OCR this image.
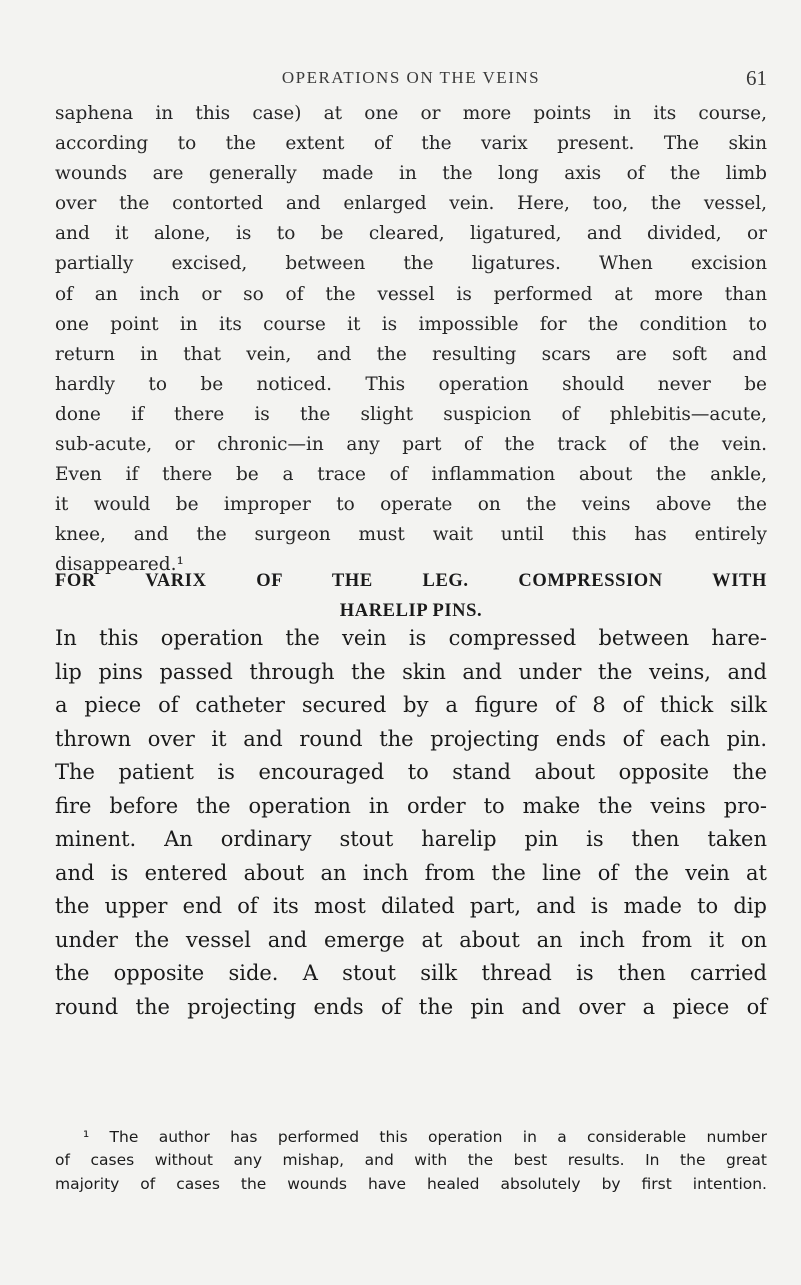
OPERATIONS ON THE VEINS	61

saphena in this case) at one or more points in its course,
according to the extent of the varix present. The skin
wounds are generally made in the long axis of the limb
over the contorted and enlarged vein. Here, too, the vessel,
and it alone, is to be cleared, ligatured, and divided, or
partially excised, between the ligatures. When excision
of an inch or so of the vessel is performed at more than
one point in its course it is impossible for the condition to
return in that vein, and the resulting scars are soft and
hardly to be noticed. This operation should never be
done if there is the slight suspicion of phlebitis—acute,
sub-acute, or chronic—in any part of the track of the vein.
Even if there be a trace of inflammation about the ankle,
it would be improper to operate on the veins above the
knee, and the surgeon must wait until this has entirely
disappeared.¹

FOR VARIX OF THE LEG. COMPRESSION WITH
HARELIP PINS.

In this operation the vein is compressed between hare-
lip pins passed through the skin and under the veins, and
a piece of catheter secured by a figure of 8 of thick silk
thrown over it and round the projecting ends of each pin.
The patient is encouraged to stand about opposite the
fire before the operation in order to make the veins pro-
minent. An ordinary stout harelip pin is then taken
and is entered about an inch from the line of the vein at
the upper end of its most dilated part, and is made to dip
under the vessel and emerge at about an inch from it on
the opposite side. A stout silk thread is then carried
round the projecting ends of the pin and over a piece of

¹ The author has performed this operation in a considerable number
of cases without any mishap, and with the best results. In the great
majority of cases the wounds have healed absolutely by first intention.
